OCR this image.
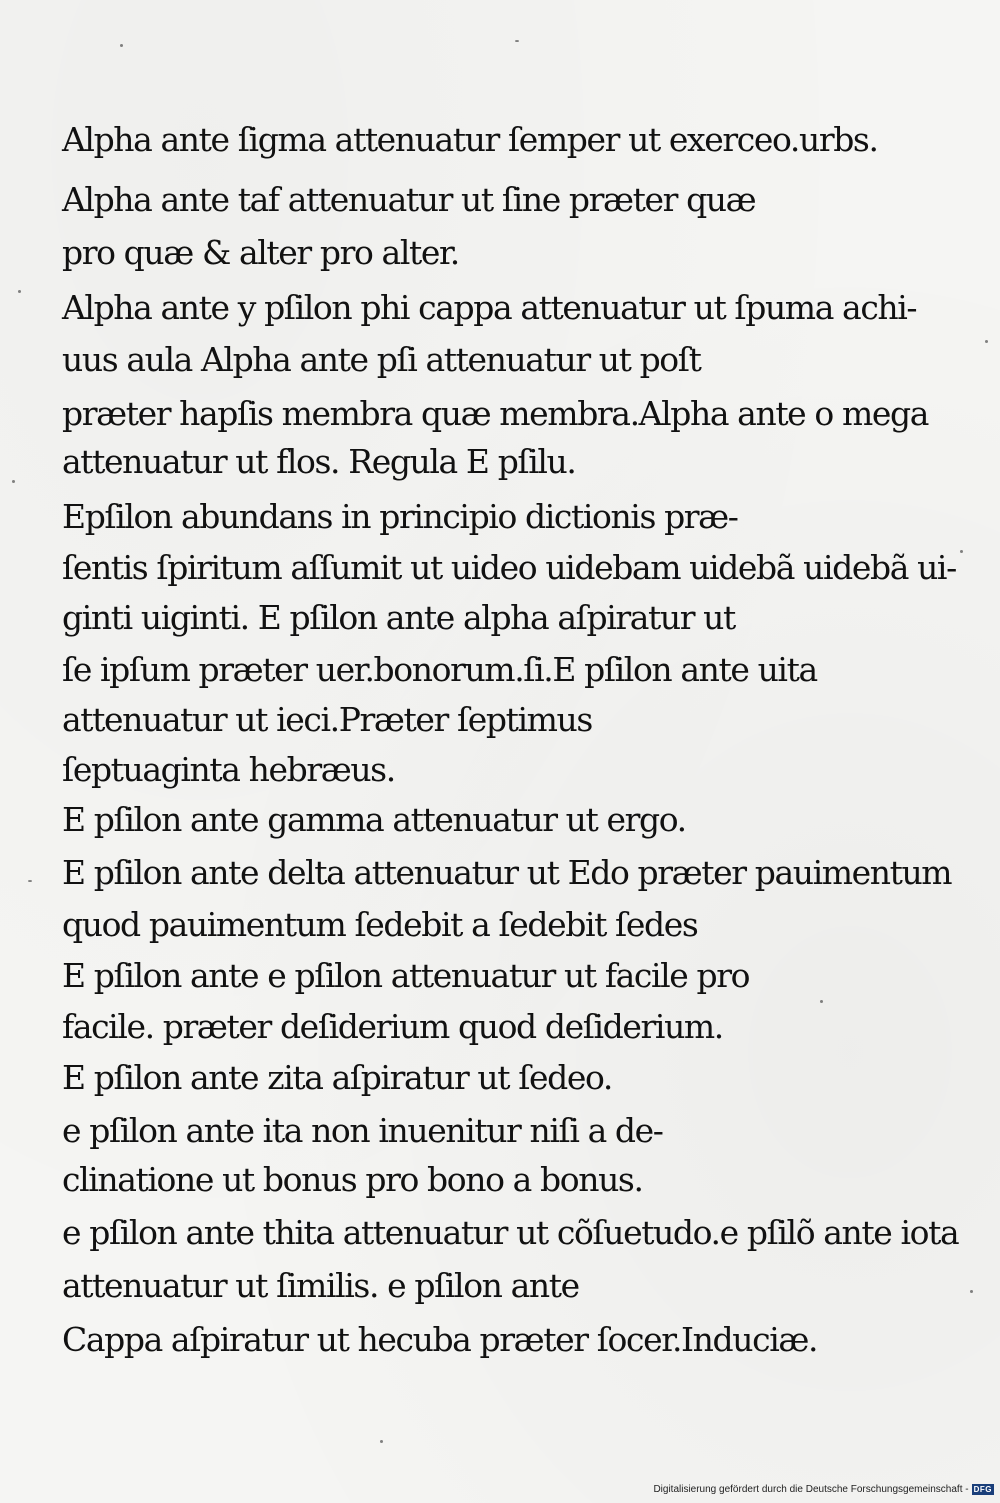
Alpha ante ſigma attenuatur ſemper ut exerceo.urbs.
Alpha ante taf attenuatur ut ſine præter quæ
pro quæ & alter pro alter.
Alpha ante y pſilon phi cappa attenuatur ut ſpuma achi-
uus aula Alpha ante pſi attenuatur ut poſt
præter hapſis membra quæ membra.Alpha ante o mega
attenuatur ut flos. Regula E pſilu.
Epſilon abundans in principio dictionis præ-
ſentis ſpiritum aſſumit ut uideo uidebam uidebã uidebã ui-
ginti uiginti. E pſilon ante alpha aſpiratur ut
ſe ipſum præter uer.bonorum.ſi.E pſilon ante uita
attenuatur ut ieci.Præter ſeptimus
ſeptuaginta hebræus.
E pſilon ante gamma attenuatur ut ergo.
E pſilon ante delta attenuatur ut Edo præter pauimentum
quod pauimentum ſedebit a ſedebit ſedes
E pſilon ante e pſilon attenuatur ut facile pro
facile. præter deſiderium quod deſiderium.
E pſilon ante zita aſpiratur ut ſedeo.
e pſilon ante ita non inuenitur niſi a de-
clinatione ut bonus pro bono a bonus.
e pſilon ante thita attenuatur ut cõſuetudo.e pſilõ ante iota
attenuatur ut ſimilis. e pſilon ante
Cappa aſpiratur ut hecuba præter ſocer.Induciæ.
Digitalisierung gefördert durch die Deutsche Forschungsgemeinschaft - DFG
